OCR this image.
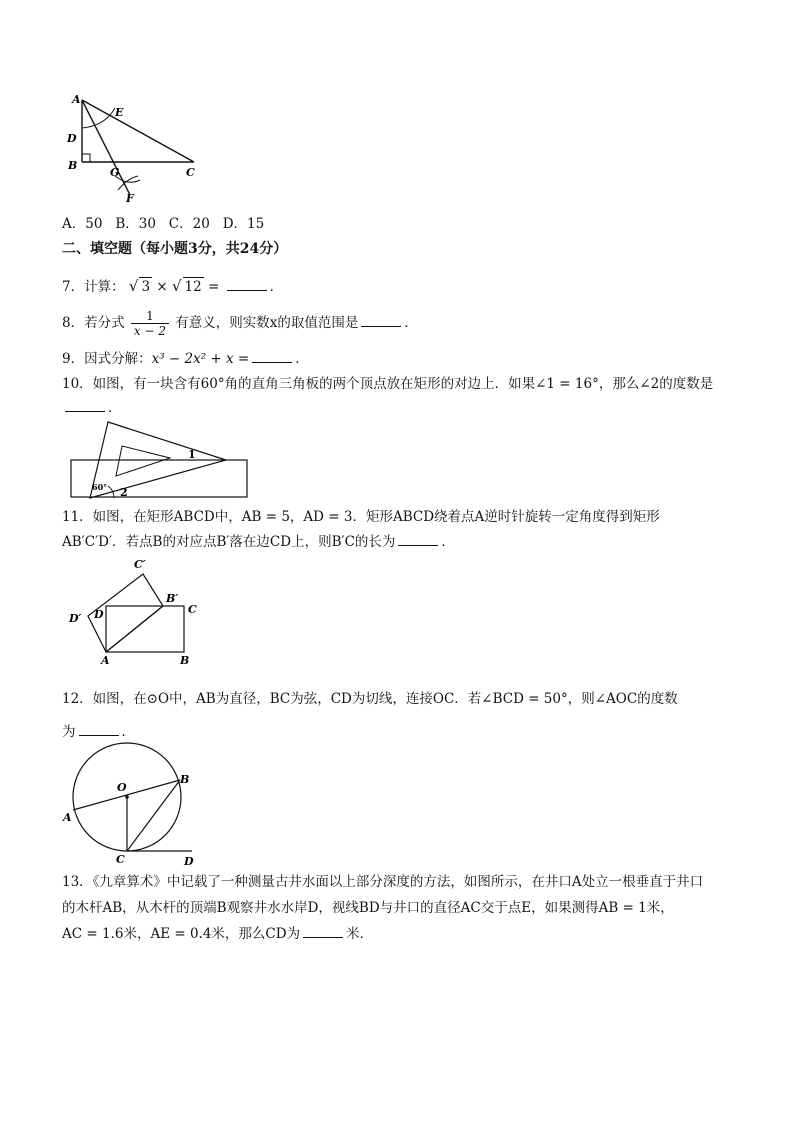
A
E
D
B
G	C
F
A．50 B．30 C．20 D．15
二、填空题（每小题3分，共24分）
7．计算： √ 3 × √ 12 =	．
8．若分式 $\frac{1}{x - 2}$ 有意义，则实数x的取值范围是	．
9．因式分解：x³ − 2x² + x =	．
10．如图，有一块含有60°角的直角三角板的两个顶点放在矩形的对边上．如果∠1 = 16°，那么∠2的度数是
．
1
2
60°
11．如图，在矩形ABCD中，AB = 5，AD = 3．矩形ABCD绕着点A逆时针旋转一定角度得到矩形
AB′C′D′．若点B的对应点B′落在边CD上，则B′C的长为	．
C′
B′
C
D′ D
A	B
12．如图，在⊙O中，AB为直径，BC为弦，CD为切线，连接OC．若∠BCD = 50°，则∠AOC的度数
为	．
O
B
A
C	D
13．《九章算术》中记载了一种测量古井水面以上部分深度的方法，如图所示，在井口A处立一根垂直于井口
的木杆AB，从木杆的顶端B观察井水水岸D，视线BD与井口的直径AC交于点E，如果测得AB = 1米，
AC = 1.6米，AE = 0.4米，那么CD为	米．
